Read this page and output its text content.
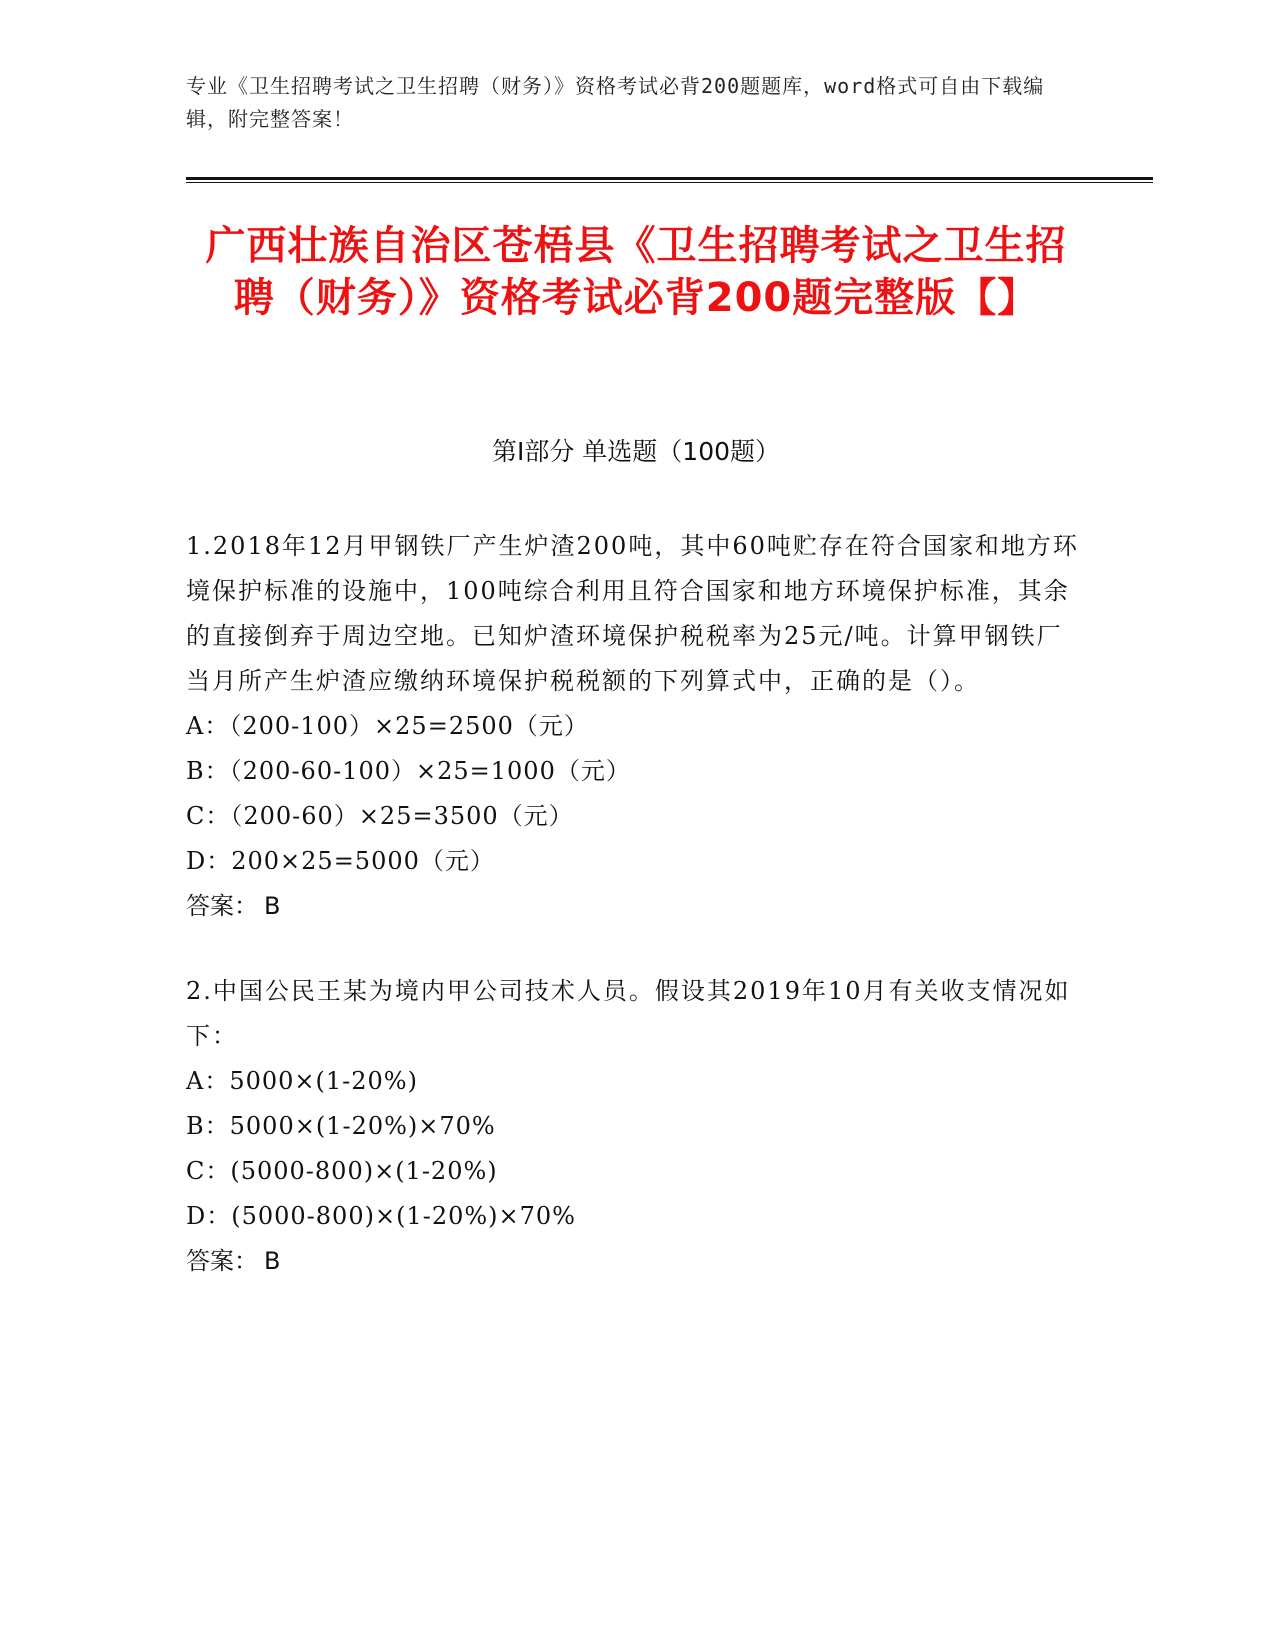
专业《卫生招聘考试之卫生招聘（财务）》资格考试必背200题题库，word格式可自由下载编辑，附完整答案！
广西壮族自治区苍梧县《卫生招聘考试之卫生招聘（财务）》资格考试必背200题完整版【】
第I部分 单选题（100题）

1.2018年12月甲钢铁厂产生炉渣200吨，其中60吨贮存在符合国家和地方环境保护标准的设施中，100吨综合利用且符合国家和地方环境保护标准，其余的直接倒弃于周边空地。已知炉渣环境保护税税率为25元/吨。计算甲钢铁厂当月所产生炉渣应缴纳环境保护税税额的下列算式中，正确的是（）。

A：（200-100）×25=2500（元）

B：（200-60-100）×25=1000（元）

C：（200-60）×25=3500（元）

D：200×25=5000（元）

答案： B

2.中国公民王某为境内甲公司技术人员。假设其2019年10月有关收支情况如下：

A：5000×(1-20%)

B：5000×(1-20%)×70%

C：(5000-800)×(1-20%)

D：(5000-800)×(1-20%)×70%

答案： B
